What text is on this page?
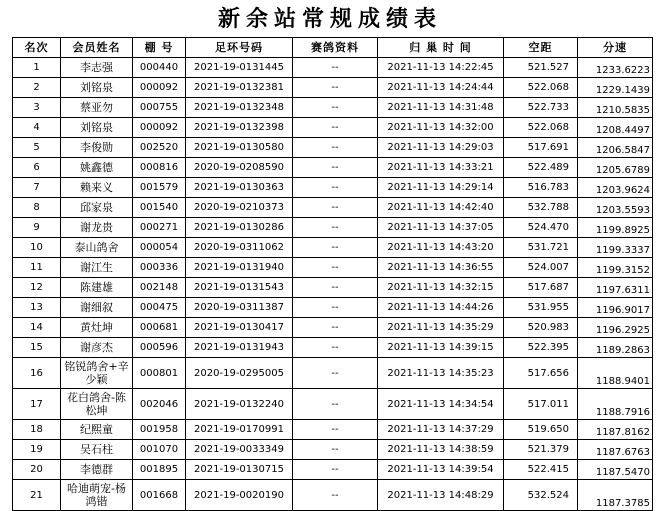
新余站常规成绩表
名次	会员姓名	棚 号	足环号码	赛鸽资料	归 巢 时 间	空距	分速
1	李志强	000440	2021-19-0131445	--	2021-11-13 14:22:45	521.527	1233.6223
2	刘铭泉	000092	2021-19-0132381	--	2021-11-13 14:24:44	522.068	1229.1439
3	蔡亚勿	000755	2021-19-0132348	--	2021-11-13 14:31:48	522.733	1210.5835
4	刘铭泉	000092	2021-19-0132398	--	2021-11-13 14:32:00	522.068	1208.4497
5	李俊勋	002520	2021-19-0130580	--	2021-11-13 14:29:03	517.691	1206.5847
6	姚鑫德	000816	2020-19-0208590	--	2021-11-13 14:33:21	522.489	1205.6789
7	赖来义	001579	2021-19-0130363	--	2021-11-13 14:29:14	516.783	1203.9624
8	邱家泉	001540	2020-19-0210373	--	2021-11-13 14:42:40	532.788	1203.5593
9	谢龙贵	000271	2021-19-0130286	--	2021-11-13 14:37:05	524.470	1199.8925
10	泰山鸽舍	000054	2020-19-0311062	--	2021-11-13 14:43:20	531.721	1199.3337
11	谢江生	000336	2021-19-0131940	--	2021-11-13 14:36:55	524.007	1199.3152
12	陈建雄	002148	2021-19-0131543	--	2021-11-13 14:32:15	517.687	1197.6311
13	谢细叙	000475	2020-19-0311387	--	2021-11-13 14:44:26	531.955	1196.9017
14	黄灶坤	000681	2021-19-0130417	--	2021-11-13 14:35:29	520.983	1196.2925
15	谢彦杰	000596	2021-19-0131943	--	2021-11-13 14:39:15	522.395	1189.2863
16	铭锐鸽舍+辛少颖	000801	2020-19-0295005	--	2021-11-13 14:35:23	517.656	1188.9401
17	花白鸽舍-陈松坤	002046	2021-19-0132240	--	2021-11-13 14:34:54	517.011	1188.7916
18	纪熙童	001958	2021-19-0170991	--	2021-11-13 14:37:29	519.650	1187.8162
19	吴石柱	001070	2021-19-0033349	--	2021-11-13 14:38:59	521.379	1187.6763
20	李德群	001895	2021-19-0130715	--	2021-11-13 14:39:54	522.415	1187.5470
21	哈迪萌宠-杨鸿锴	001668	2021-19-0020190	--	2021-11-13 14:48:29	532.524	1187.3785
